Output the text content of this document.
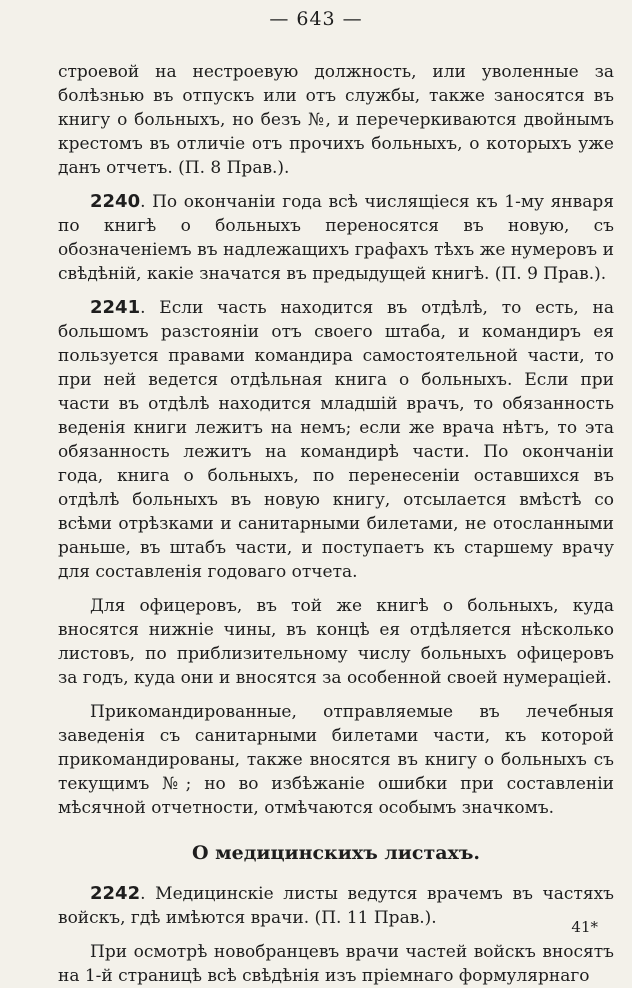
— 643 —

строевой на нестроевую должность, или уволенные за болѣзнью въ отпускъ или отъ службы, также заносятся въ книгу о больныхъ, но безъ №, и перечеркиваются двойнымъ крестомъ въ отличіе отъ прочихъ больныхъ, о которыхъ уже данъ отчетъ. (П. 8 Прав.).

2240. По окончаніи года всѣ числящіеся къ 1-му января по книгѣ о больныхъ переносятся въ новую, съ обозначеніемъ въ надлежащихъ графахъ тѣхъ же нумеровъ и свѣдѣній, какіе значатся въ предыдущей книгѣ. (П. 9 Прав.).

2241. Если часть находится въ отдѣлѣ, то есть, на большомъ разстояніи отъ своего штаба, и командиръ ея пользуется правами командира самостоятельной части, то при ней ведется отдѣльная книга о больныхъ. Если при части въ отдѣлѣ находится младшій врачъ, то обязанность веденія книги лежитъ на немъ; если же врача нѣтъ, то эта обязанность лежитъ на командирѣ части. По окончаніи года, книга о больныхъ, по перенесеніи оставшихся въ отдѣлѣ больныхъ въ новую книгу, отсылается вмѣстѣ со всѣми отрѣзками и санитарными билетами, не отосланными раньше, въ штабъ части, и поступаетъ къ старшему врачу для составленія годоваго отчета.

Для офицеровъ, въ той же книгѣ о больныхъ, куда вносятся нижніе чины, въ концѣ ея отдѣляется нѣсколько листовъ, по приблизительному числу больныхъ офицеровъ за годъ, куда они и вносятся за особенной своей нумераціей.

Прикомандированные, отправляемые въ лечебныя заведенія съ санитарными билетами части, къ которой прикомандированы, также вносятся въ книгу о больныхъ съ текущимъ №; но во избѣжаніе ошибки при составленіи мѣсячной отчетности, отмѣчаются особымъ значкомъ.

О медицинскихъ листахъ.

2242. Медицинскіе листы ведутся врачемъ въ частяхъ войскъ, гдѣ имѣются врачи. (П. 11 Прав.).

При осмотрѣ новобранцевъ врачи частей войскъ вносятъ на 1-й страницѣ всѣ свѣдѣнія изъ пріемнаго формулярнаго

41*
